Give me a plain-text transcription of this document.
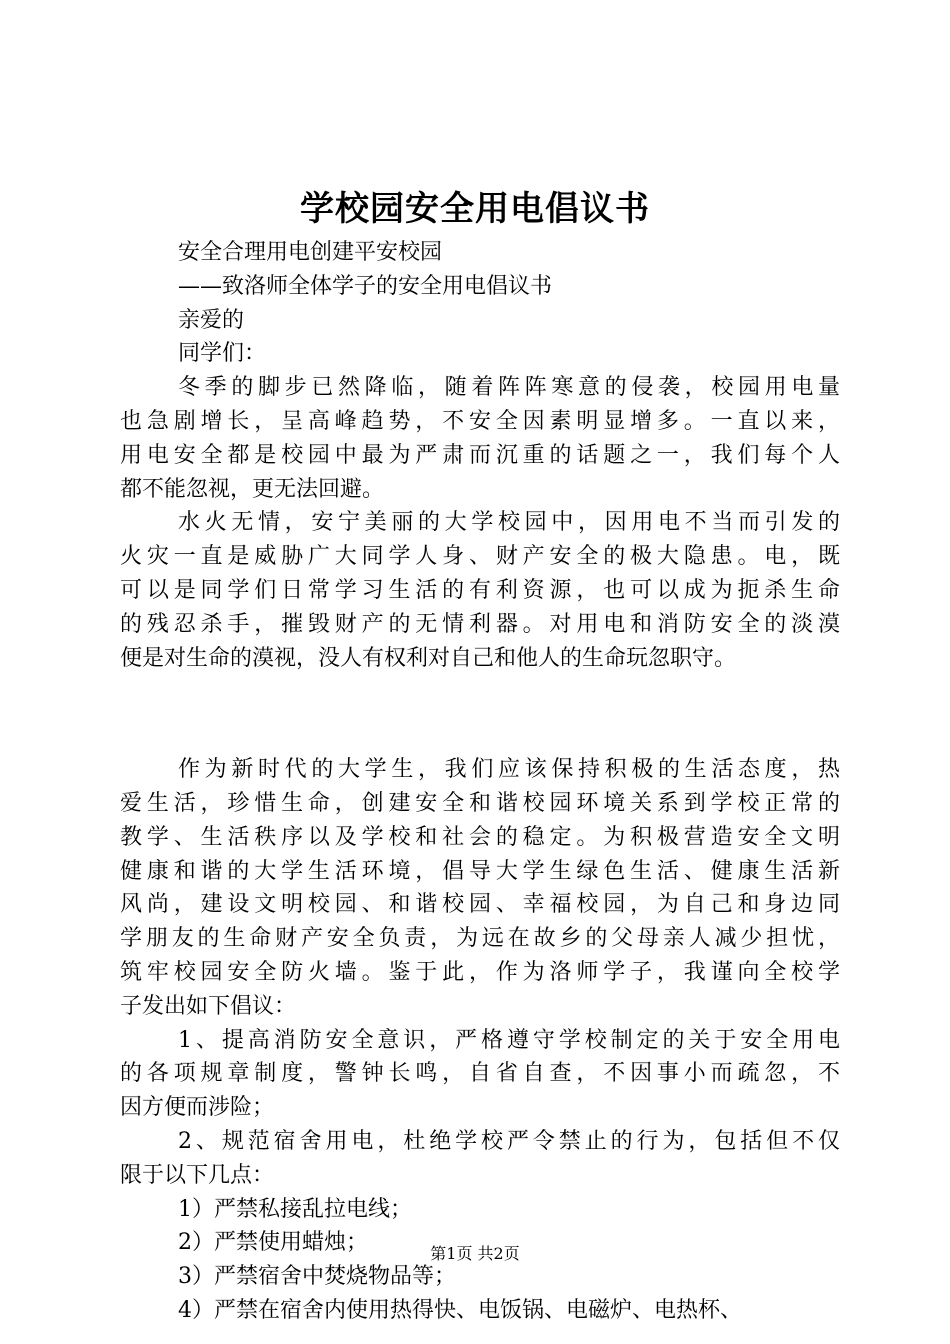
学校园安全用电倡议书

安全合理用电创建平安校园

——致洛师全体学子的安全用电倡议书

亲爱的

同学们：

冬季的脚步已然降临，随着阵阵寒意的侵袭，校园用电量

也急剧增长，呈高峰趋势，不安全因素明显增多。一直以来，

用电安全都是校园中最为严肃而沉重的话题之一，我们每个人

都不能忽视，更无法回避。

水火无情，安宁美丽的大学校园中，因用电不当而引发的

火灾一直是威胁广大同学人身、财产安全的极大隐患。电，既

可以是同学们日常学习生活的有利资源，也可以成为扼杀生命

的残忍杀手，摧毁财产的无情利器。对用电和消防安全的淡漠

便是对生命的漠视，没人有权利对自己和他人的生命玩忽职守。

作为新时代的大学生，我们应该保持积极的生活态度，热

爱生活，珍惜生命，创建安全和谐校园环境关系到学校正常的

教学、生活秩序以及学校和社会的稳定。为积极营造安全文明

健康和谐的大学生活环境，倡导大学生绿色生活、健康生活新

风尚，建设文明校园、和谐校园、幸福校园，为自己和身边同

学朋友的生命财产安全负责，为远在故乡的父母亲人减少担忧，

筑牢校园安全防火墙。鉴于此，作为洛师学子，我谨向全校学

子发出如下倡议：

1、提高消防安全意识，严格遵守学校制定的关于安全用电

的各项规章制度，警钟长鸣，自省自查，不因事小而疏忽，不

因方便而涉险；

2、规范宿舍用电，杜绝学校严令禁止的行为，包括但不仅

限于以下几点：

1）严禁私接乱拉电线；

2）严禁使用蜡烛；

3）严禁宿舍中焚烧物品等；

4）严禁在宿舍内使用热得快、电饭锅、电磁炉、电热杯、

第1页 共2页
